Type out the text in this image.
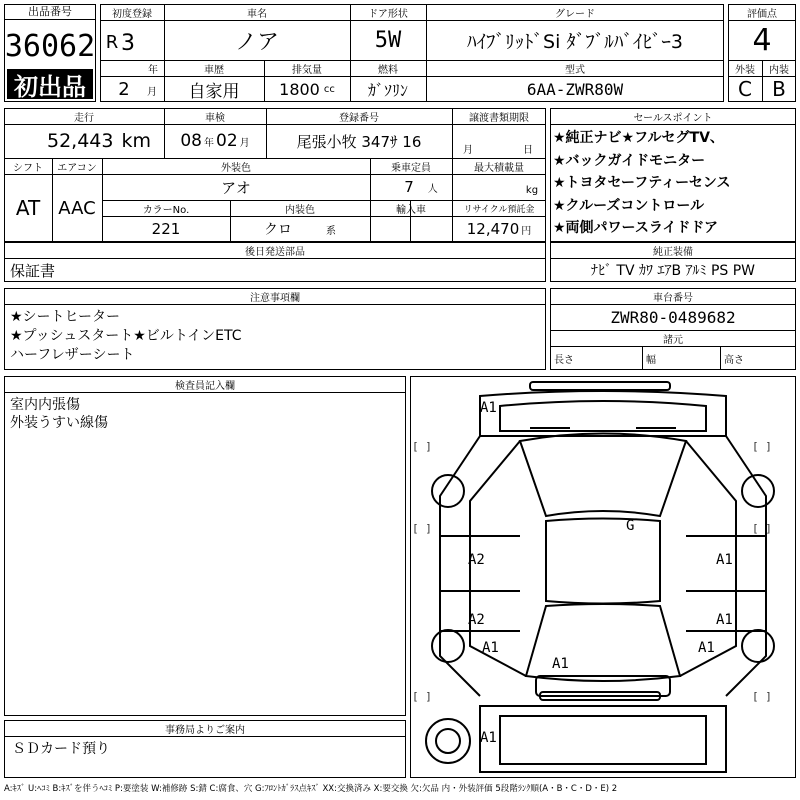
出品番号
36062
初出品
初度登録
R 3
年
2	月
車名
ノア
ドア形状
5W
グレード
ﾊｲﾌﾞﾘｯﾄﾞSi ﾀﾞﾌﾞﾙﾊﾞｲﾋﾞｰ3
車歴
自家用
排気量
1800 cc
燃料
ｶﾞｿﾘﾝ
型式
6AA-ZWR80W
評価点
4
外装	内装
C	B
走行
52,443 km
車検
08 年 02 月
登録番号
尾張小牧 347ｻ 16
譲渡書類期限
月	日
シフト
AT
エアコン
AAC
外装色
アオ
乗車定員
7 人
最大積載量
kg
カラーNo.
221
内装色
クロ	系
輸入車	リサイクル預託金
12,470 円
セールスポイント
★純正ナビ★フルセグTV、
★バックガイドモニター
★トヨタセーフティーセンス
★クルーズコントロール
★両側パワースライドドア
後日発送部品
保証書
純正装備
ﾅﾋﾞ TV ｶﾜ ｴｱB ｱﾙﾐ PS PW
注意事項欄
★シートヒーター
★プッシュスタート★ビルトインETC
ハーフレザーシート
車台番号
ZWR80-0489682
諸元
長さ	幅	高さ
検査員記入欄
室内内張傷
外装うすい線傷
事務局よりご案内
ＳＤカード預り
A1
G
A2	A1
A2	A1
A1
A1
A1
A1
[ ]	[ ]
[ ]	[ ]
[ ]	[ ]
A:ｷｽﾞ U:ﾍｺﾐ B:ｷｽﾞを伴うﾍｺﾐ P:要塗装 W:補修跡 S:錆 C:腐食、穴 G:ﾌﾛﾝﾄｶﾞﾗｽ点ｷｽﾞ XX:交換済み X:要交換 欠:欠品 内・外装評価 5段階ﾗﾝｸ順(A・B・C・D・E) 2
